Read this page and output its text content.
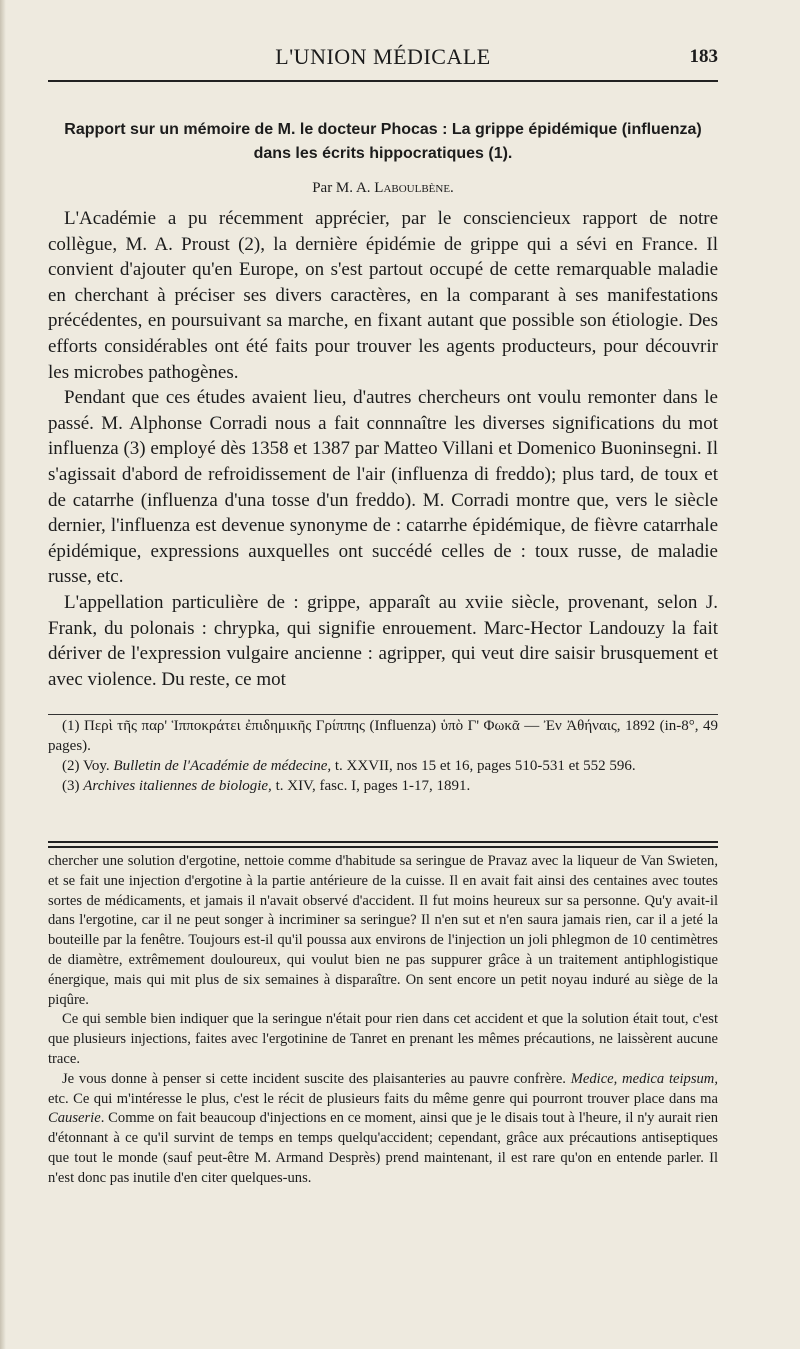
L'UNION MÉDICALE	183
Rapport sur un mémoire de M. le docteur Phocas : La grippe épidémique (influenza) dans les écrits hippocratiques (1).
Par M. A. Laboulbène.

L'Académie a pu récemment apprécier, par le consciencieux rapport de notre collègue, M. A. Proust (2), la dernière épidémie de grippe qui a sévi en France. Il convient d'ajouter qu'en Europe, on s'est partout occupé de cette remarquable maladie en cherchant à préciser ses divers caractères, en la comparant à ses manifestations précédentes, en poursuivant sa marche, en fixant autant que possible son étiologie. Des efforts considérables ont été faits pour trouver les agents producteurs, pour découvrir les microbes pathogènes.

Pendant que ces études avaient lieu, d'autres chercheurs ont voulu remonter dans le passé. M. Alphonse Corradi nous a fait connnaître les diverses significations du mot influenza (3) employé dès 1358 et 1387 par Matteo Villani et Domenico Buoninsegni. Il s'agissait d'abord de refroidissement de l'air (influenza di freddo); plus tard, de toux et de catarrhe (influenza d'una tosse d'un freddo). M. Corradi montre que, vers le siècle dernier, l'influenza est devenue synonyme de : catarrhe épidémique, de fièvre catarrhale épidémique, expressions auxquelles ont succédé celles de : toux russe, de maladie russe, etc.

L'appellation particulière de : grippe, apparaît au xviie siècle, provenant, selon J. Frank, du polonais : chrypka, qui signifie enrouement. Marc-Hector Landouzy la fait dériver de l'expression vulgaire ancienne : agripper, qui veut dire saisir brusquement et avec violence. Du reste, ce mot

(1) Περὶ τῆς παρ' Ἱπποκράτει ἐπιδημικῆς Γρίππης (Influenza) ὑπὸ Γ' Φωκᾶ — Ἐν Ἀθήναις, 1892 (in-8°, 49 pages).

(2) Voy. Bulletin de l'Académie de médecine, t. XXVII, nos 15 et 16, pages 510-531 et 552 596.

(3) Archives italiennes de biologie, t. XIV, fasc. I, pages 1-17, 1891.

chercher une solution d'ergotine, nettoie comme d'habitude sa seringue de Pravaz avec la liqueur de Van Swieten, et se fait une injection d'ergotine à la partie antérieure de la cuisse. Il en avait fait ainsi des centaines avec toutes sortes de médicaments, et jamais il n'avait observé d'accident. Il fut moins heureux sur sa personne. Qu'y avait-il dans l'ergotine, car il ne peut songer à incriminer sa seringue? Il n'en sut et n'en saura jamais rien, car il a jeté la bouteille par la fenêtre. Toujours est-il qu'il poussa aux environs de l'injection un joli phlegmon de 10 centimètres de diamètre, extrêmement douloureux, qui voulut bien ne pas suppurer grâce à un traitement antiphlogistique énergique, mais qui mit plus de six semaines à disparaître. On sent encore un petit noyau induré au siège de la piqûre.

Ce qui semble bien indiquer que la seringue n'était pour rien dans cet accident et que la solution était tout, c'est que plusieurs injections, faites avec l'ergotinine de Tanret en prenant les mêmes précautions, ne laissèrent aucune trace.

Je vous donne à penser si cette incident suscite des plaisanteries au pauvre confrère. Medice, medica teipsum, etc. Ce qui m'intéresse le plus, c'est le récit de plusieurs faits du même genre qui pourront trouver place dans ma Causerie. Comme on fait beaucoup d'injections en ce moment, ainsi que je le disais tout à l'heure, il n'y aurait rien d'étonnant à ce qu'il survint de temps en temps quelqu'accident; cependant, grâce aux précautions antiseptiques que tout le monde (sauf peut-être M. Armand Desprès) prend maintenant, il est rare qu'on en entende parler. Il n'est donc pas inutile d'en citer quelques-uns.
